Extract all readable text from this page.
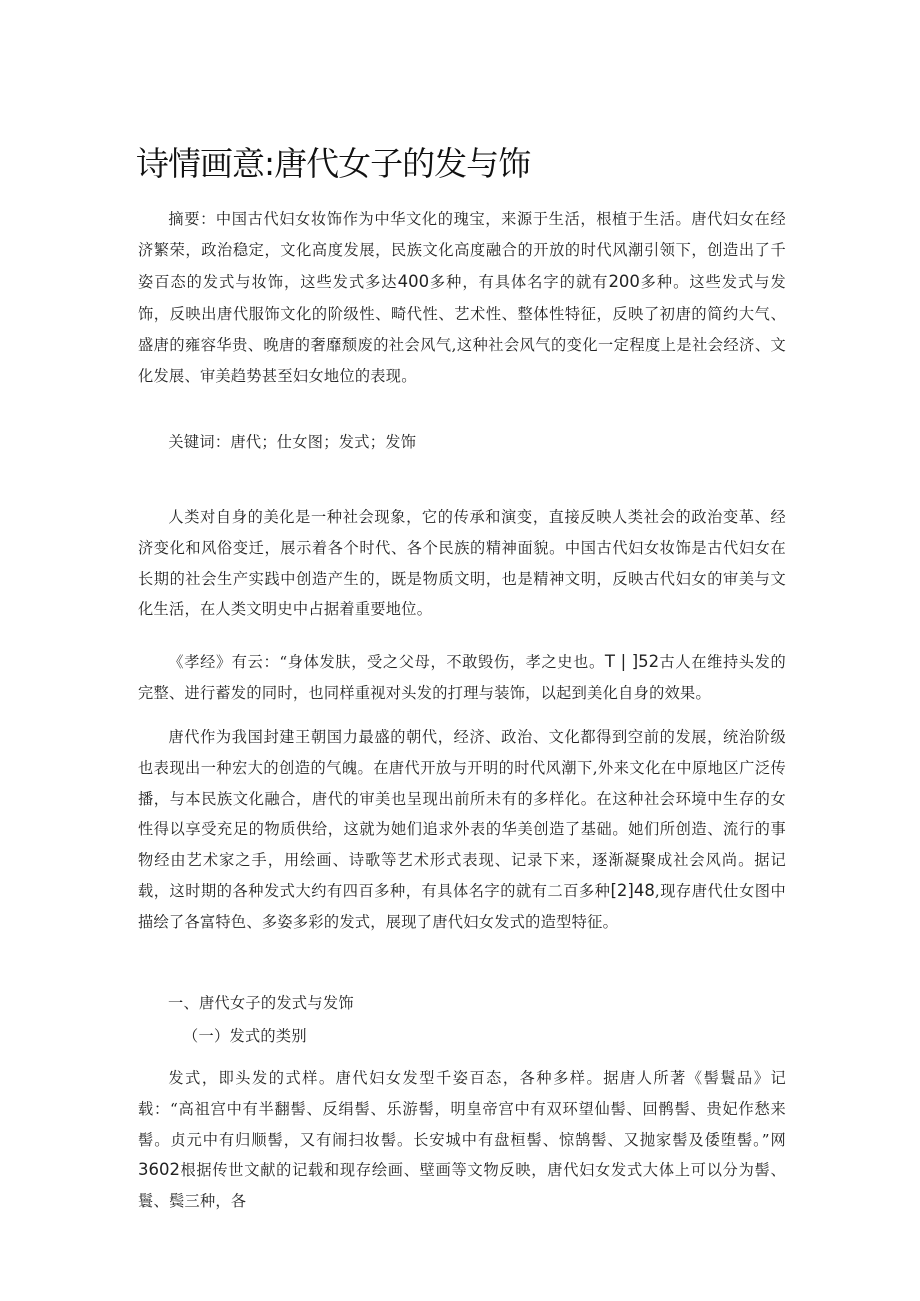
诗情画意:唐代女子的发与饰

摘要：中国古代妇女妆饰作为中华文化的瑰宝，来源于生活，根植于生活。唐代妇女在经济繁荣，政治稳定，文化高度发展，民族文化高度融合的开放的时代风潮引领下，创造出了千姿百态的发式与妆饰，这些发式多达400多种，有具体名字的就有200多种。这些发式与发饰，反映出唐代服饰文化的阶级性、畸代性、艺术性、整体性特征，反映了初唐的简约大气、盛唐的雍容华贵、晚唐的奢靡颓废的社会风气,这种社会风气的变化一定程度上是社会经济、文化发展、审美趋势甚至妇女地位的表现。

关键词：唐代；仕女图；发式；发饰

人类对自身的美化是一种社会现象，它的传承和演变，直接反映人类社会的政治变革、经济变化和风俗变迁，展示着各个时代、各个民族的精神面貌。中国古代妇女妆饰是古代妇女在长期的社会生产实践中创造产生的，既是物质文明，也是精神文明，反映古代妇女的审美与文化生活，在人类文明史中占据着重要地位。

《孝经》有云：“身体发肤，受之父母，不敢毁伤，孝之史也。T | ]52古人在维持头发的完整、进行蓄发的同时，也同样重视对头发的打理与装饰，以起到美化自身的效果。

唐代作为我国封建王朝国力最盛的朝代，经济、政治、文化都得到空前的发展，统治阶级也表现出一种宏大的创造的气魄。在唐代开放与开明的时代风潮下,外来文化在中原地区广泛传播，与本民族文化融合，唐代的审美也呈现出前所未有的多样化。在这种社会环境中生存的女性得以享受充足的物质供给，这就为她们追求外表的华美创造了基础。她们所创造、流行的事物经由艺术家之手，用绘画、诗歌等艺术形式表现、记录下来，逐渐凝聚成社会风尚。据记载，这时期的各种发式大约有四百多种，有具体名字的就有二百多种[2]48,现存唐代仕女图中描绘了各富特色、多姿多彩的发式，展现了唐代妇女发式的造型特征。

一、唐代女子的发式与发饰
（一）发式的类别

发式，即头发的式样。唐代妇女发型千姿百态，各种多样。据唐人所著《髻鬟品》记载：“高祖宫中有半翻髻、反绢髻、乐游髻，明皇帝宫中有双环望仙髻、回鹘髻、贵妃作愁来髻。贞元中有归顺髻，又有闹扫妆髻。长安城中有盘桓髻、惊鹄髻、又抛家髻及倭堕髻。”网3602根据传世文献的记载和现存绘画、壁画等文物反映，唐代妇女发式大体上可以分为髻、鬟、鬓三种，各
